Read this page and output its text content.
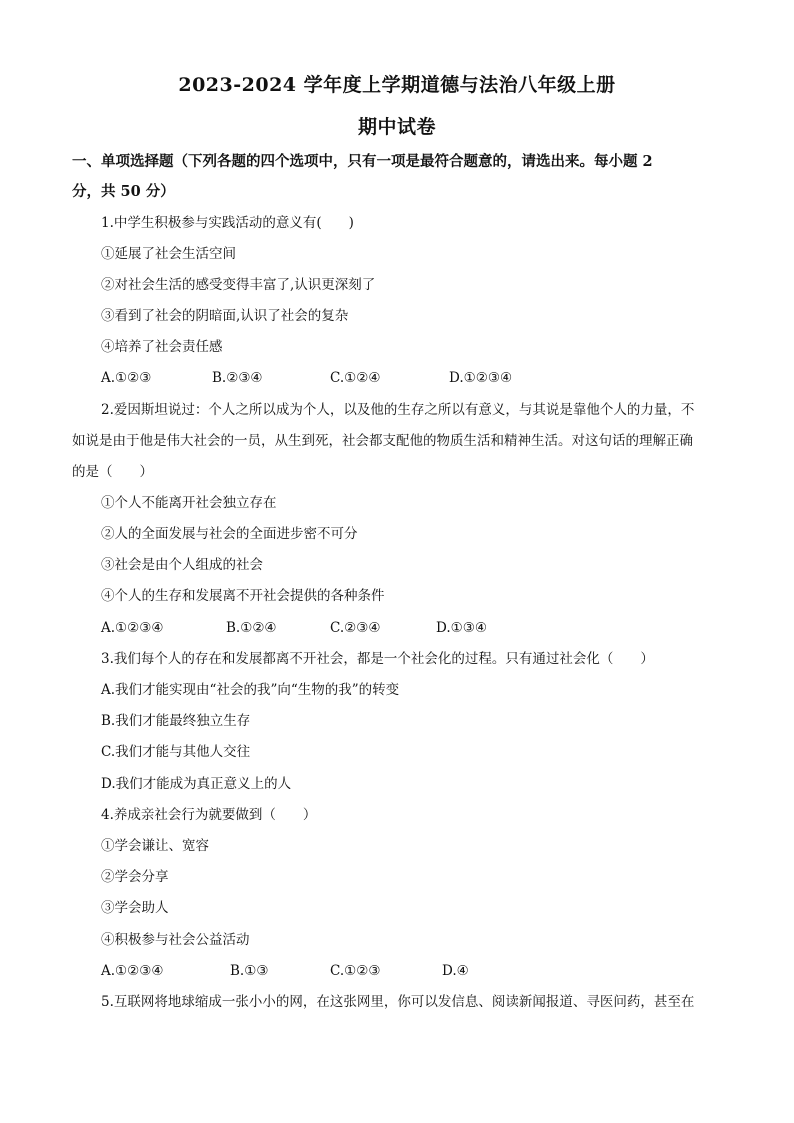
2023-2024 学年度上学期道德与法治八年级上册
期中试卷
一、单项选择题（下列各题的四个选项中，只有一项是最符合题意的，请选出来。每小题 2
分，共 50 分）
1.中学生积极参与实践活动的意义有(　　)
①延展了社会生活空间
②对社会生活的感受变得丰富了,认识更深刻了
③看到了社会的阴暗面,认识了社会的复杂
④培养了社会责任感
A.①②③	B.②③④	C.①②④	D.①②③④
2.爱因斯坦说过：个人之所以成为个人，以及他的生存之所以有意义，与其说是靠他个人的力量，不
如说是由于他是伟大社会的一员，从生到死，社会都支配他的物质生活和精神生活。对这句话的理解正确
的是（　　）
①个人不能离开社会独立存在
②人的全面发展与社会的全面进步密不可分
③社会是由个人组成的社会
④个人的生存和发展离不开社会提供的各种条件
A.①②③④	B.①②④	C.②③④	D.①③④
3.我们每个人的存在和发展都离不开社会，都是一个社会化的过程。只有通过社会化（　　）
A.我们才能实现由“社会的我”向“生物的我”的转变
B.我们才能最终独立生存
C.我们才能与其他人交往
D.我们才能成为真正意义上的人
4.养成亲社会行为就要做到（　　）
①学会谦让、宽容
②学会分享
③学会助人
④积极参与社会公益活动
A.①②③④	B.①③	C.①②③	D.④
5.互联网将地球缩成一张小小的网，在这张网里，你可以发信息、阅读新闻报道、寻医问药，甚至在
